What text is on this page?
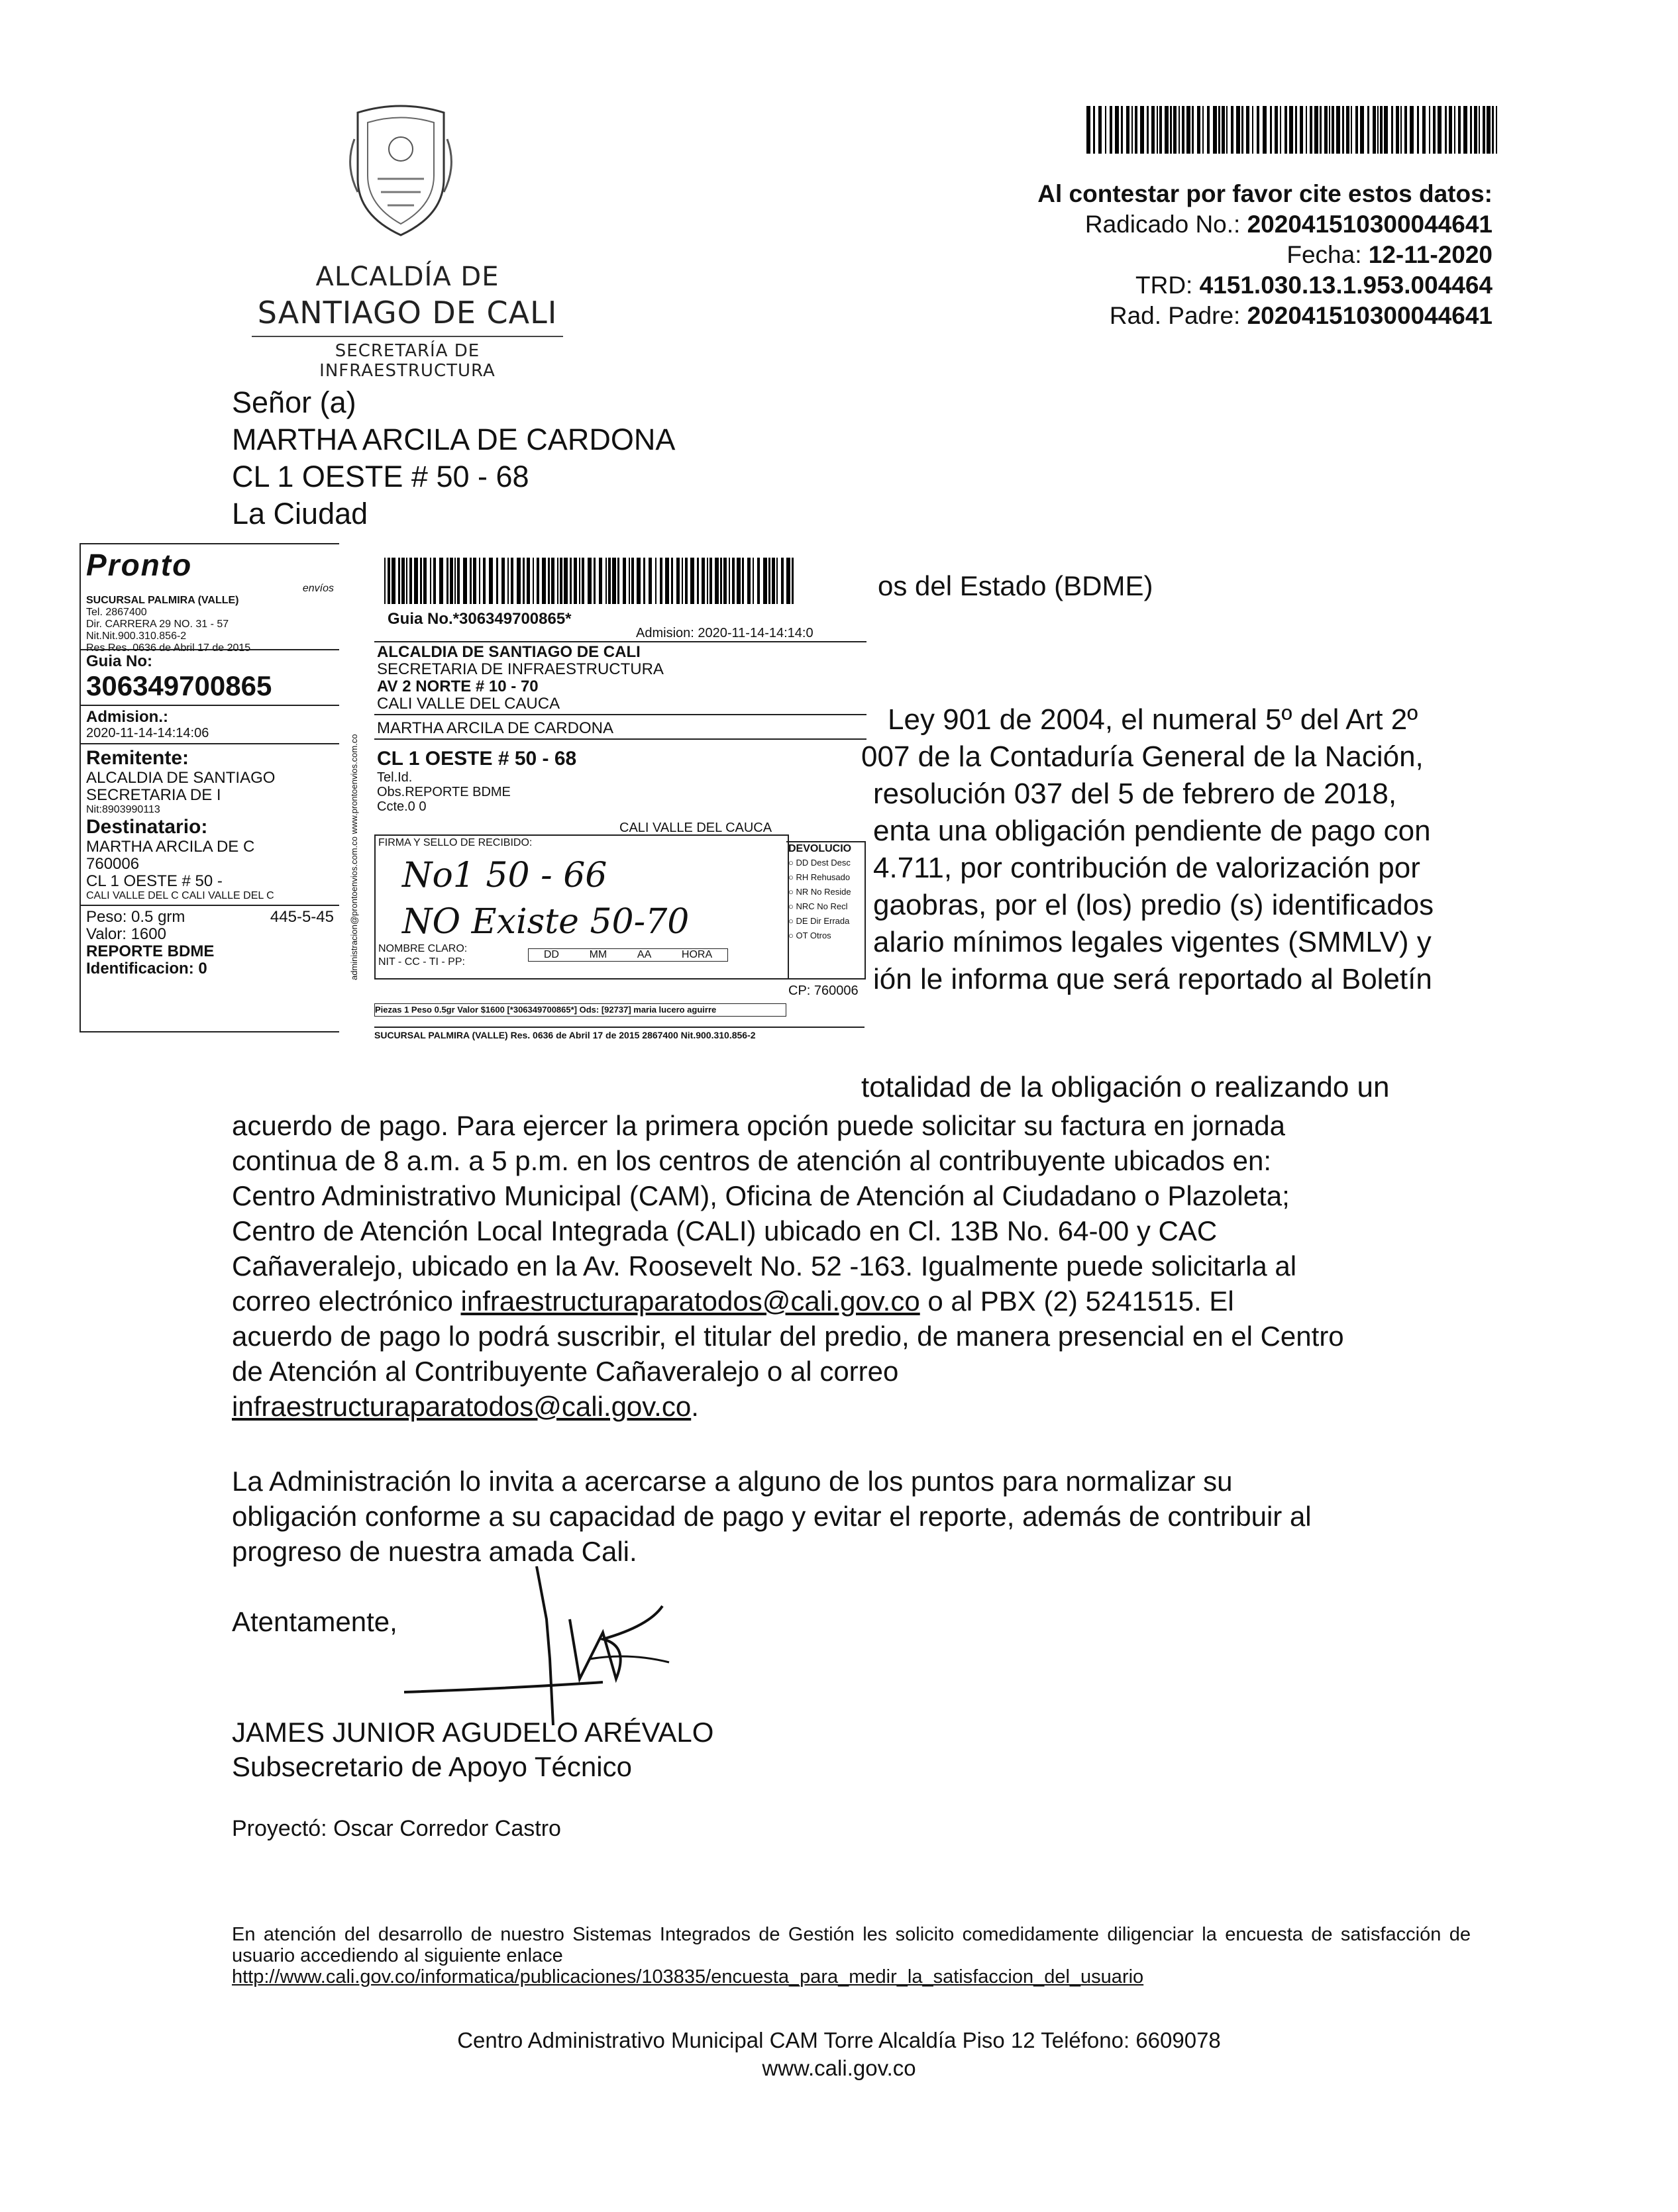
ALCALDÍA DE
SANTIAGO DE CALI
SECRETARÍA DE INFRAESTRUCTURA
Al contestar por favor cite estos datos:
Radicado No.: 202041510300044641
Fecha: 12-11-2020
TRD: 4151.030.13.1.953.004464
Rad. Padre: 202041510300044641
Señor (a)
MARTHA ARCILA DE CARDONA
CL 1 OESTE # 50 - 68
La Ciudad
os del Estado (BDME)
Ley 901 de 2004, el numeral 5º del Art 2º
007 de la Contaduría General de la Nación,
resolución 037 del 5 de febrero de 2018,
enta una obligación pendiente de pago con
4.711, por contribución de valorización por
gaobras, por el (los) predio (s) identificados
alario mínimos legales vigentes (SMMLV) y
ión le informa que será reportado al Boletín
totalidad de la obligación o realizando un
acuerdo de pago. Para ejercer la primera opción puede solicitar su factura en jornada
continua de 8 a.m. a 5 p.m. en los centros de atención al contribuyente ubicados en:
Centro Administrativo Municipal (CAM), Oficina de Atención al Ciudadano o Plazoleta;
Centro de Atención Local Integrada (CALI) ubicado en Cl. 13B No. 64-00 y CAC
Cañaveralejo, ubicado en la Av. Roosevelt No. 52 -163. Igualmente puede solicitarla al
correo electrónico infraestructuraparatodos@cali.gov.co o al PBX (2) 5241515. El
acuerdo de pago lo podrá suscribir, el titular del predio, de manera presencial en el Centro
de Atención al Contribuyente Cañaveralejo o al correo
infraestructuraparatodos@cali.gov.co.
La Administración lo invita a acercarse a alguno de los puntos para normalizar su
obligación conforme a su capacidad de pago y evitar el reporte, además de contribuir al
progreso de nuestra amada Cali.
Atentamente,
JAMES JUNIOR AGUDELO ARÉVALO
Subsecretario de Apoyo Técnico
Proyectó: Oscar Corredor Castro
En atención del desarrollo de nuestro Sistemas Integrados de Gestión les solicito comedidamente diligenciar la encuesta de satisfacción de usuario accediendo al siguiente enlace
http://www.cali.gov.co/informatica/publicaciones/103835/encuesta_para_medir_la_satisfaccion_del_usuario
Centro Administrativo Municipal CAM Torre Alcaldía Piso 12 Teléfono: 6609078
www.cali.gov.co
Pronto
envíos
SUCURSAL PALMIRA (VALLE)
Tel. 2867400
Dir. CARRERA 29 NO. 31 - 57
Nit.Nit.900.310.856-2
Res Res. 0636 de Abril 17 de 2015
Guia No:
306349700865
Admision.:
2020-11-14-14:14:06
Remitente:
ALCALDIA DE SANTIAGO
SECRETARIA DE I
Nit:8903990113
Destinatario:
MARTHA ARCILA DE C
760006
CL 1 OESTE # 50 -
CALI VALLE DEL C CALI VALLE DEL C
Peso: 0.5 grm
Valor: 1600
445-5-45
REPORTE BDME
Identificacion: 0
Guia No.*306349700865*
Admision: 2020-11-14-14:14:0
ALCALDIA DE SANTIAGO DE CALI
SECRETARIA DE INFRAESTRUCTURA
AV 2 NORTE # 10 - 70
CALI VALLE DEL CAUCA
MARTHA ARCILA DE CARDONA
CL 1 OESTE # 50 - 68
Tel.Id.
Obs.REPORTE BDME
Ccte.0 0
CALI VALLE DEL CAUCA
FIRMA Y SELLO DE RECIBIDO:
No1 50 - 66
NO Existe 50-70
NOMBRE CLARO:
NIT - CC - TI - PP:
DD	MM	AA	HORA
DEVOLUCIO
○ DD Dest Desc
○ RH Rehusado
○ NR No Reside
○ NRC No Recl
○ DE Dir Errada
○ OT Otros
CP: 760006
Piezas 1 Peso 0.5gr Valor $1600 [*306349700865*] Ods: [92737] maria lucero aguirre
SUCURSAL PALMIRA (VALLE) Res. 0636 de Abril 17 de 2015 2867400 Nit.900.310.856-2
administracion@prontoenvios.com.co www.prontoenvios.com.co
